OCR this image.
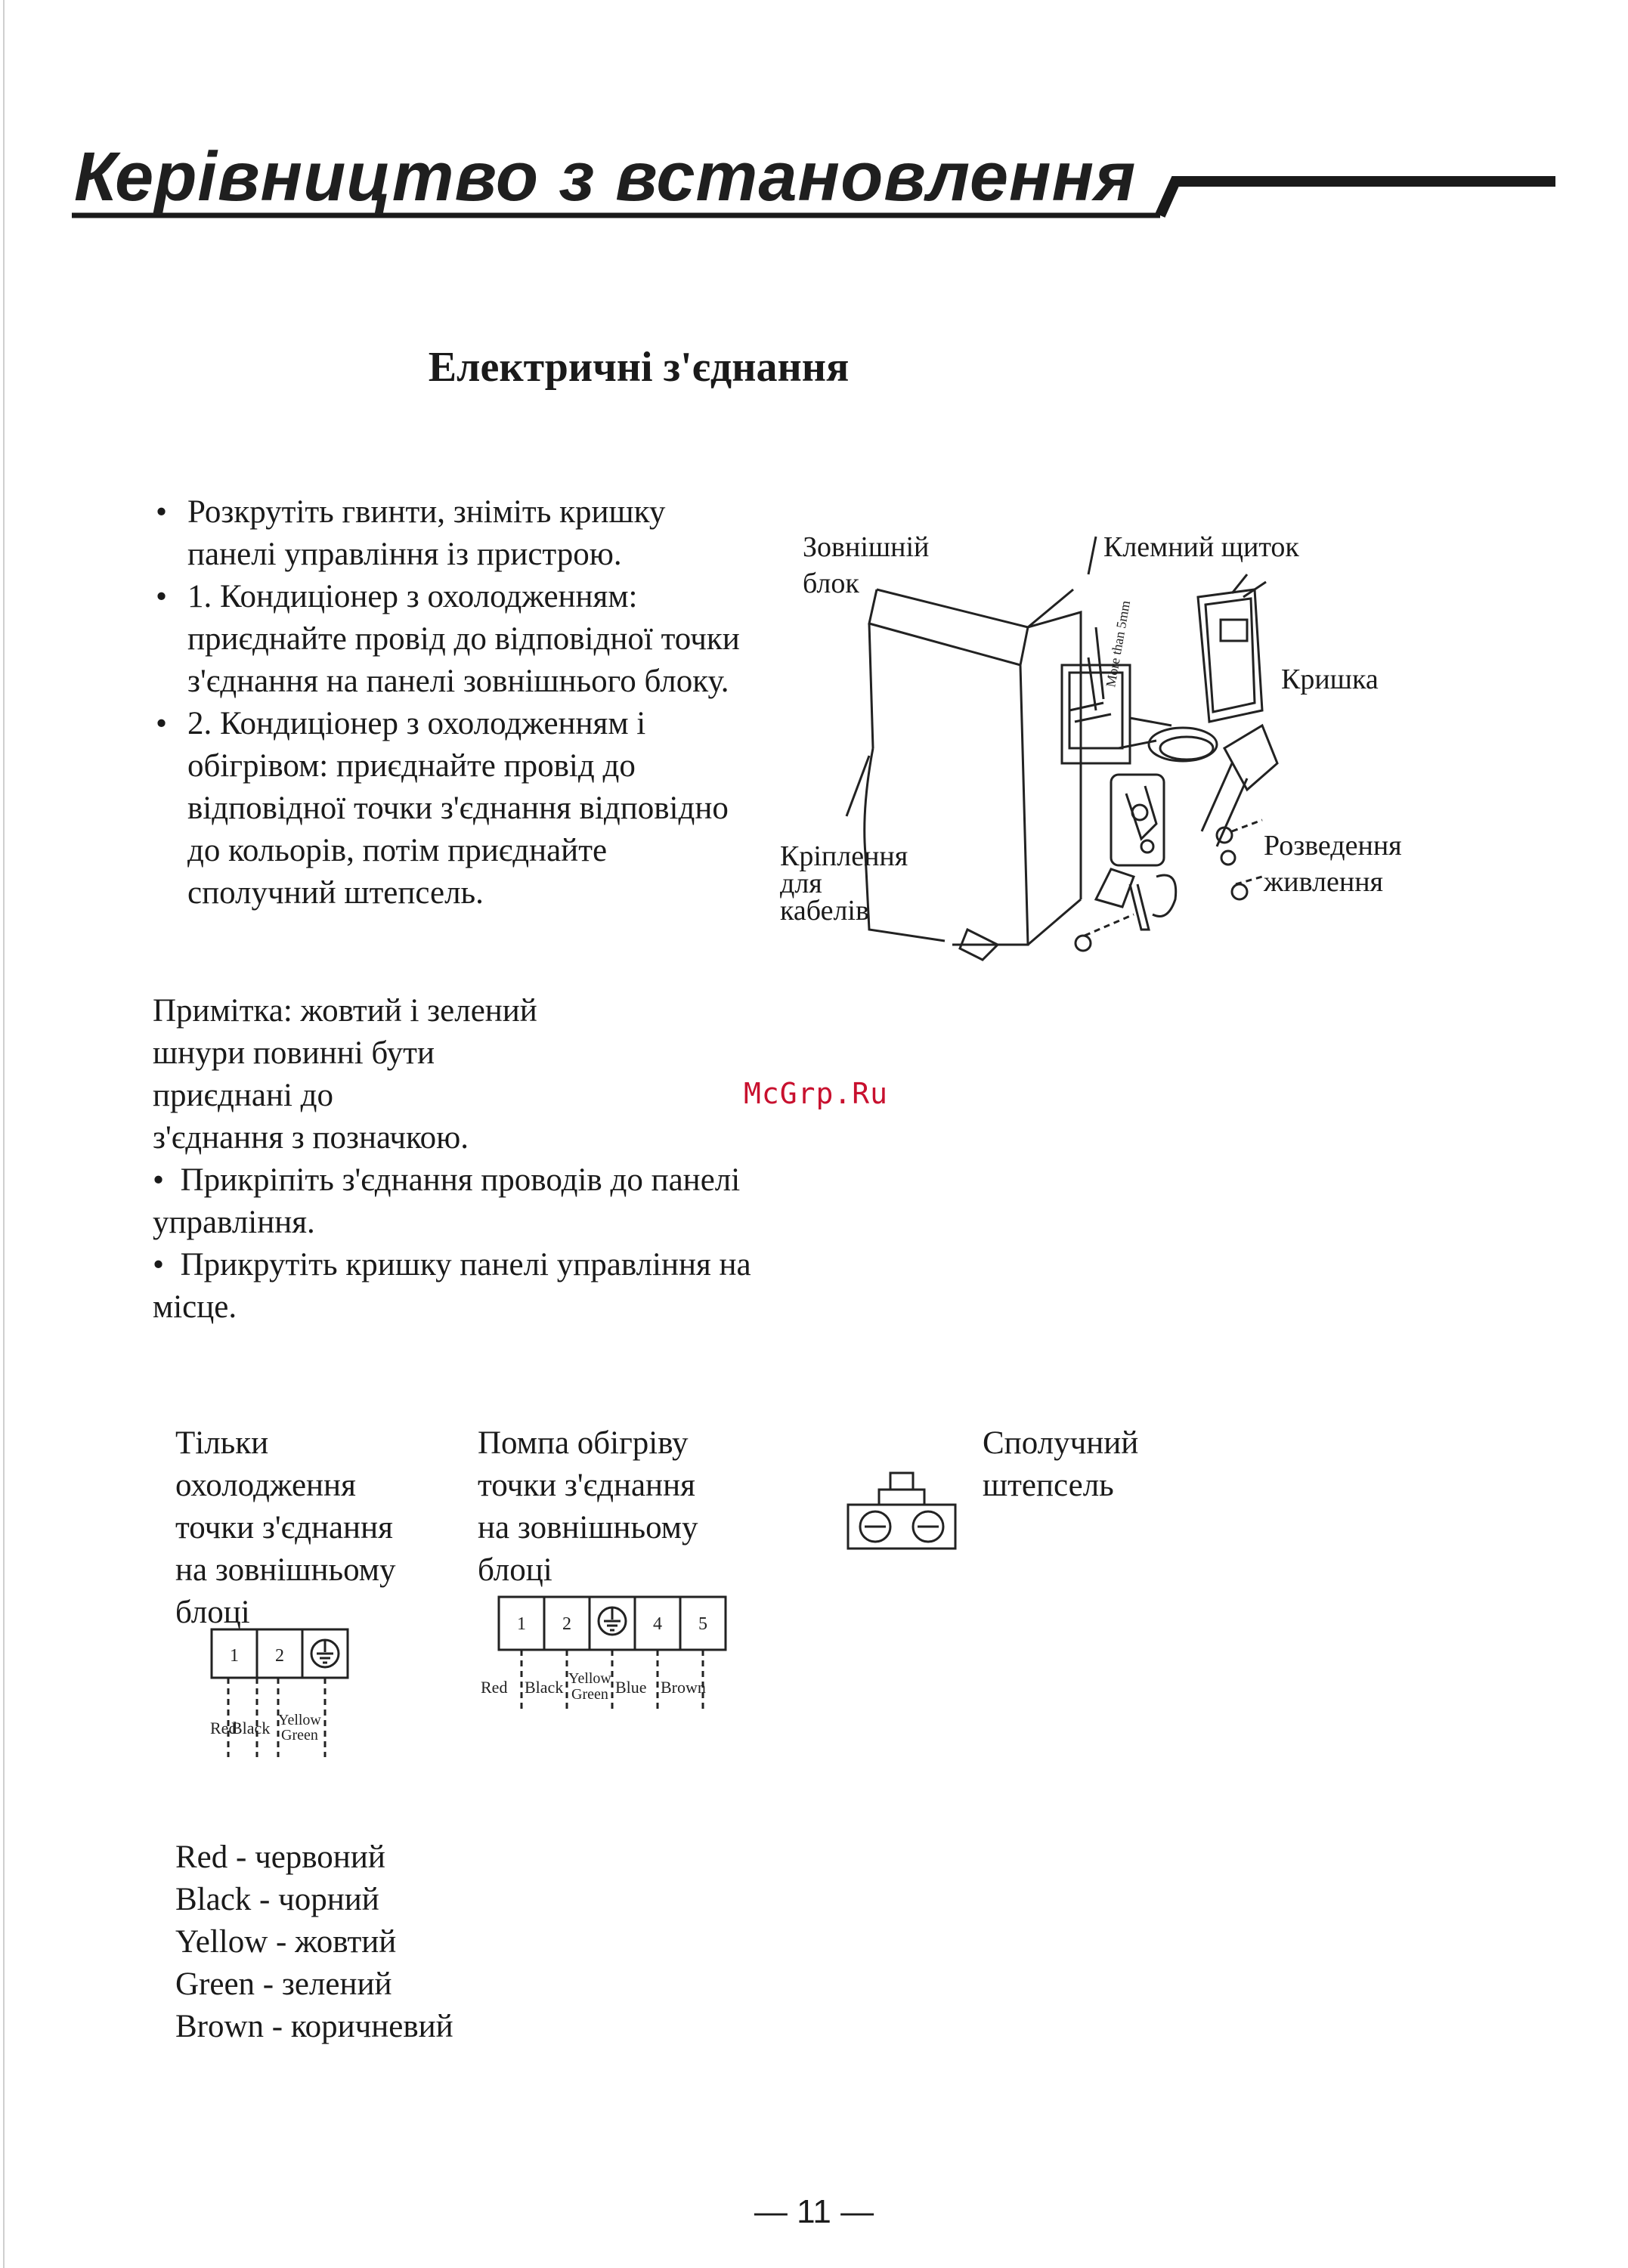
Керівництво з встановлення
Електричні з'єднання
• Розкрутіть гвинти, зніміть кришку панелі управління із пристрою.
• 1. Кондиціонер з охолодженням: приєднайте провід до відповідної точки з'єднання на панелі зовнішнього блоку.
• 2. Кондиціонер з охолодженням і обігрівом: приєднайте провід до відповідної точки з'єднання відповідно до кольорів, потім приєднайте сполучний штепсель.
Примітка: жовтий і зелений
шнури повинні бути
приєднані до
з'єднання з позначкою.
•  Прикріпіть з'єднання проводів до панелі управління.
•  Прикрутіть кришку панелі управління на місце.
More than 5mm
Зовнішній
блок
Клемний щиток
Кришка
Кріплення
для
кабелів
Розведення
живлення
McGrp.Ru
Тільки
охолодження
точки з'єднання
на зовнішньому
блоці
1 2
Red
Black Yellow
Green
Помпа обігріву
точки з'єднання
на зовнішньому
блоці
1 2	4 5
Red Black Yellow
Green Blue Brown
Сполучний
штепсель
Red - червоний
Black - чорний
Yellow - жовтий
Green - зелений
Brown - коричневий
— 11 —
